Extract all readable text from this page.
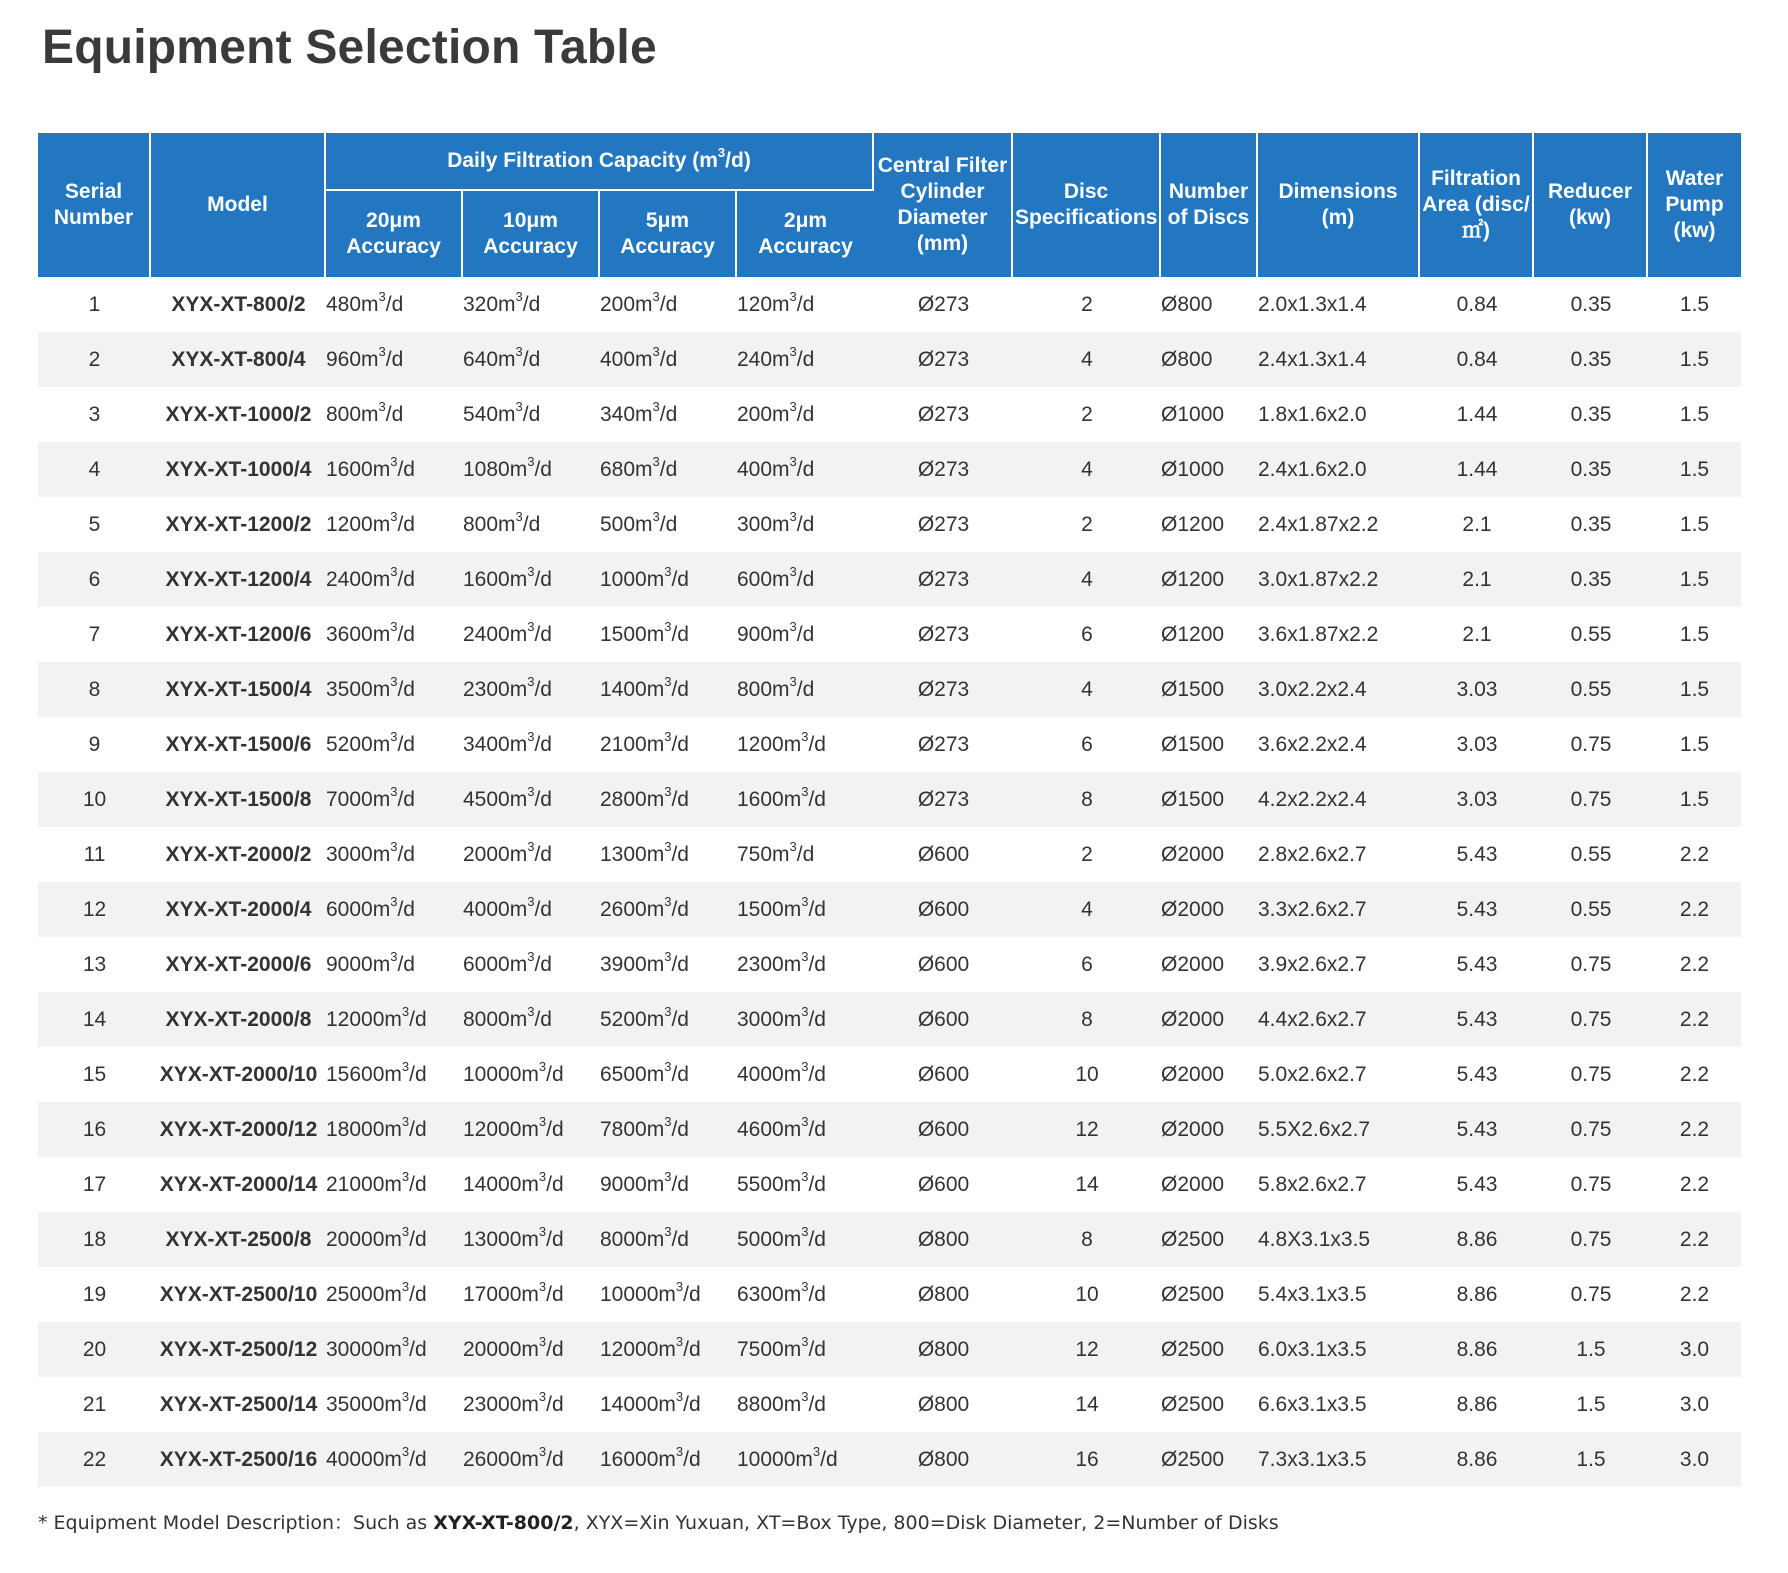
Equipment Selection Table
Serial Number	Model	Daily Filtration Capacity $(m^3/d)$				Central Filter Cylinder Diameter (mm)	Disc Specifications	Number of Discs	Dimensions (m)	Filtration Area (disc/㎡)	Reducer (kw)	Water Pump (kw)
		20μm Accuracy	10μm Accuracy	5μm Accuracy	2μm Accuracy							
1	XYX-XT-800/2	$480m^3/d$	$320m^3/d$	$200m^3/d$	$120m^3/d$	Ø273	2	Ø800	2.0x1.3x1.4	0.84	0.35	1.5
2	XYX-XT-800/4	$960m^3/d$	$640m^3/d$	$400m^3/d$	$240m^3/d$	Ø273	4	Ø800	2.4x1.3x1.4	0.84	0.35	1.5
3	XYX-XT-1000/2	$800m^3/d$	$540m^3/d$	$340m^3/d$	$200m^3/d$	Ø273	2	Ø1000	1.8x1.6x2.0	1.44	0.35	1.5
4	XYX-XT-1000/4	$1600m^3/d$	$1080m^3/d$	$680m^3/d$	$400m^3/d$	Ø273	4	Ø1000	2.4x1.6x2.0	1.44	0.35	1.5
5	XYX-XT-1200/2	$1200m^3/d$	$800m^3/d$	$500m^3/d$	$300m^3/d$	Ø273	2	Ø1200	2.4x1.87x2.2	2.1	0.35	1.5
6	XYX-XT-1200/4	$2400m^3/d$	$1600m^3/d$	$1000m^3/d$	$600m^3/d$	Ø273	4	Ø1200	3.0x1.87x2.2	2.1	0.35	1.5
7	XYX-XT-1200/6	$3600m^3/d$	$2400m^3/d$	$1500m^3/d$	$900m^3/d$	Ø273	6	Ø1200	3.6x1.87x2.2	2.1	0.55	1.5
8	XYX-XT-1500/4	$3500m^3/d$	$2300m^3/d$	$1400m^3/d$	$800m^3/d$	Ø273	4	Ø1500	3.0x2.2x2.4	3.03	0.55	1.5
9	XYX-XT-1500/6	$5200m^3/d$	$3400m^3/d$	$2100m^3/d$	$1200m^3/d$	Ø273	6	Ø1500	3.6x2.2x2.4	3.03	0.75	1.5
10	XYX-XT-1500/8	$7000m^3/d$	$4500m^3/d$	$2800m^3/d$	$1600m^3/d$	Ø273	8	Ø1500	4.2x2.2x2.4	3.03	0.75	1.5
11	XYX-XT-2000/2	$3000m^3/d$	$2000m^3/d$	$1300m^3/d$	$750m^3/d$	Ø600	2	Ø2000	2.8x2.6x2.7	5.43	0.55	2.2
12	XYX-XT-2000/4	$6000m^3/d$	$4000m^3/d$	$2600m^3/d$	$1500m^3/d$	Ø600	4	Ø2000	3.3x2.6x2.7	5.43	0.55	2.2
13	XYX-XT-2000/6	$9000m^3/d$	$6000m^3/d$	$3900m^3/d$	$2300m^3/d$	Ø600	6	Ø2000	3.9x2.6x2.7	5.43	0.75	2.2
14	XYX-XT-2000/8	$12000m^3/d$	$8000m^3/d$	$5200m^3/d$	$3000m^3/d$	Ø600	8	Ø2000	4.4x2.6x2.7	5.43	0.75	2.2
15	XYX-XT-2000/10	$15600m^3/d$	$10000m^3/d$	$6500m^3/d$	$4000m^3/d$	Ø600	10	Ø2000	5.0x2.6x2.7	5.43	0.75	2.2
16	XYX-XT-2000/12	$18000m^3/d$	$12000m^3/d$	$7800m^3/d$	$4600m^3/d$	Ø600	12	Ø2000	5.5X2.6x2.7	5.43	0.75	2.2
17	XYX-XT-2000/14	$21000m^3/d$	$14000m^3/d$	$9000m^3/d$	$5500m^3/d$	Ø600	14	Ø2000	5.8x2.6x2.7	5.43	0.75	2.2
18	XYX-XT-2500/8	$20000m^3/d$	$13000m^3/d$	$8000m^3/d$	$5000m^3/d$	Ø800	8	Ø2500	4.8X3.1x3.5	8.86	0.75	2.2
19	XYX-XT-2500/10	$25000m^3/d$	$17000m^3/d$	$10000m^3/d$	$6300m^3/d$	Ø800	10	Ø2500	5.4x3.1x3.5	8.86	0.75	2.2
20	XYX-XT-2500/12	$30000m^3/d$	$20000m^3/d$	$12000m^3/d$	$7500m^3/d$	Ø800	12	Ø2500	6.0x3.1x3.5	8.86	1.5	3.0
21	XYX-XT-2500/14	$35000m^3/d$	$23000m^3/d$	$14000m^3/d$	$8800m^3/d$	Ø800	14	Ø2500	6.6x3.1x3.5	8.86	1.5	3.0
22	XYX-XT-2500/16	$40000m^3/d$	$26000m^3/d$	$16000m^3/d$	$10000m^3/d$	Ø800	16	Ø2500	7.3x3.1x3.5	8.86	1.5	3.0
* Equipment Model Description：Such as XYX-XT-800/2, XYX=Xin Yuxuan, XT=Box Type, 800=Disk Diameter, 2=Number of Disks
